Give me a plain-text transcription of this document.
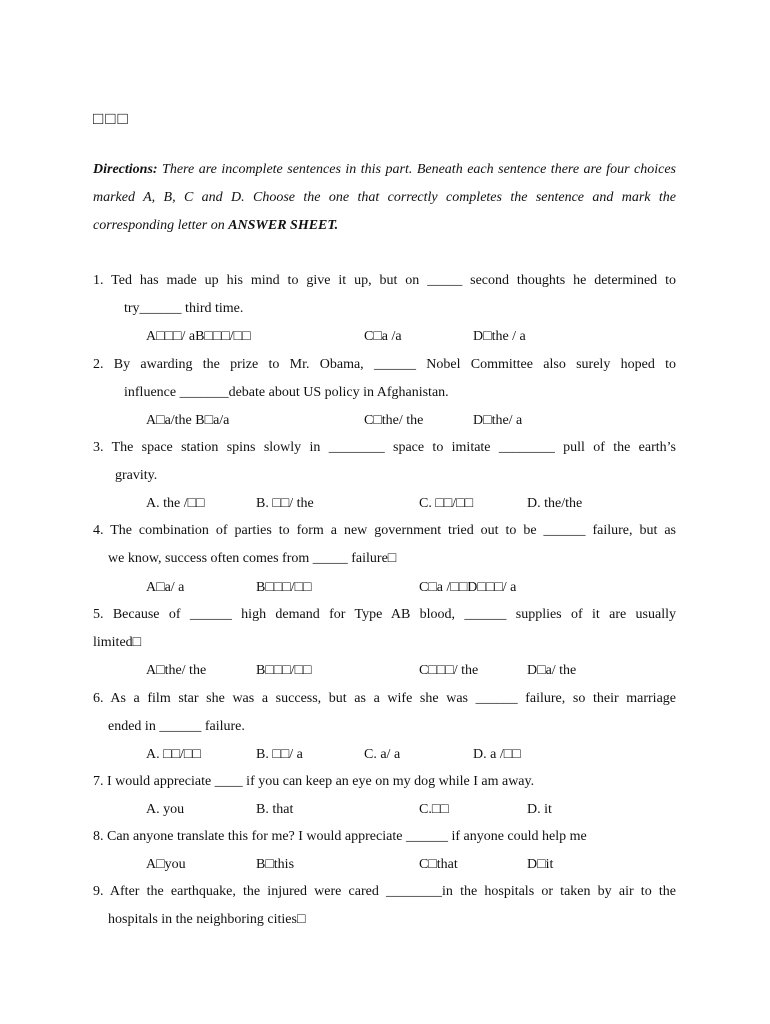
□□□
Directions: There are incomplete sentences in this part. Beneath each sentence there are four choices marked A, B, C and D. Choose the one that correctly completes the sentence and mark the corresponding letter on ANSWER SHEET.
1. Ted has made up his mind to give it up, but on _____ second thoughts he determined to
try______ third time.
A□□□/ aB□□□/□□	C□a /a	D□the / a
2. By awarding the prize to Mr. Obama, ______ Nobel Committee also surely hoped to
influence _______debate about US policy in Afghanistan.
A□a/the B□a/a	C□the/ the	D□the/ a
3. The space station spins slowly in ________ space to imitate ________ pull of the earth’s
gravity.
A. the /□□	B. □□/ the	C. □□/□□	D. the/the
4. The combination of parties to form a new government tried out to be ______ failure, but as
we know, success often comes from _____ failure□
A□a/ a	B□□□/□□	C□a /□□D□□□/ a
5. Because of ______ high demand for Type AB blood, ______ supplies of it are usually
limited□
A□the/ the	B□□□/□□	C□□□/ the	D□a/ the
6. As a film star she was a success, but as a wife she was ______ failure, so their marriage
ended in ______ failure.
A. □□/□□	B. □□/ a	C. a/ a	D. a /□□
7. I would appreciate ____ if you can keep an eye on my dog while I am away.
A. you	B. that	C.□□	D. it
8. Can anyone translate this for me? I would appreciate ______ if anyone could help me
A□you	B□this	C□that	D□it
9. After the earthquake, the injured were cared ________in the hospitals or taken by air to the
hospitals in the neighboring cities□
